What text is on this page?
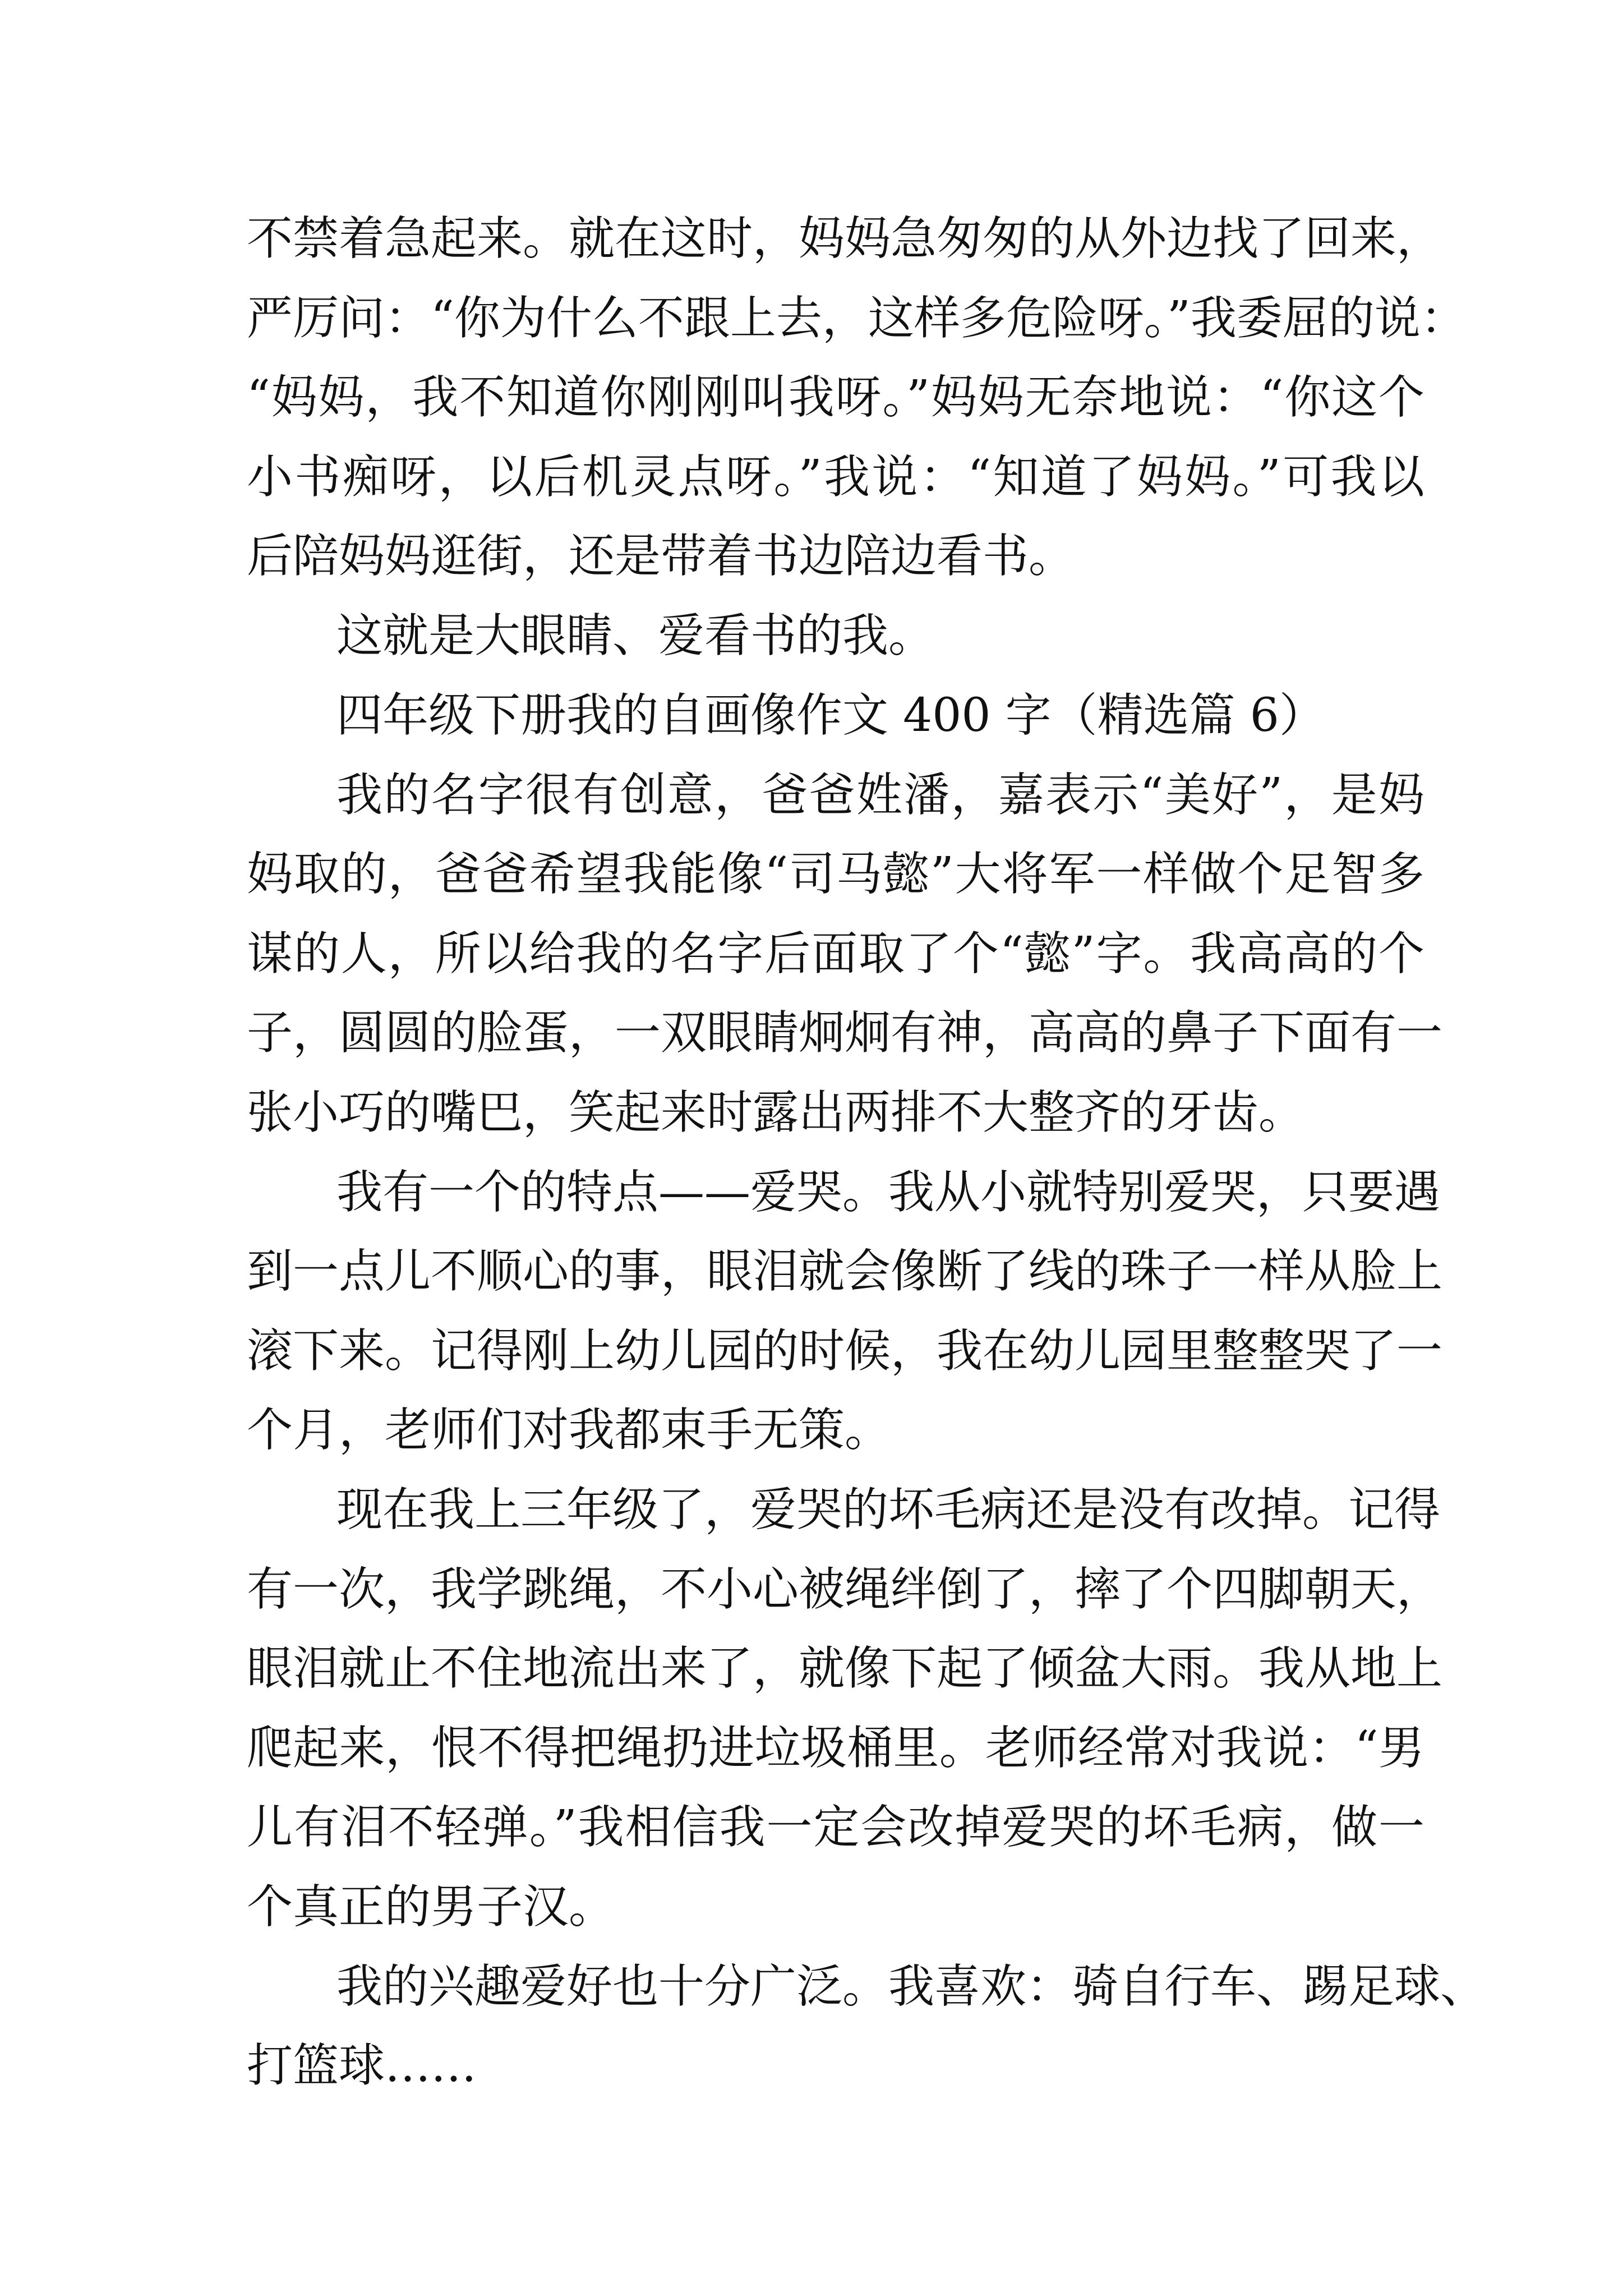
不禁着急起来。就在这时，妈妈急匆匆的从外边找了回来，
严厉问：“你为什么不跟上去，这样多危险呀。”我委屈的说：
“妈妈，我不知道你刚刚叫我呀。”妈妈无奈地说：“你这个
小书痴呀，以后机灵点呀。”我说：“知道了妈妈。”可我以
后陪妈妈逛街，还是带着书边陪边看书。
这就是大眼睛、爱看书的我。
四年级下册我的自画像作文 400 字（精选篇 6）
我的名字很有创意，爸爸姓潘，嘉表示“美好”，是妈
妈取的，爸爸希望我能像“司马懿”大将军一样做个足智多
谋的人，所以给我的名字后面取了个“懿”字。我高高的个
子，圆圆的脸蛋，一双眼睛炯炯有神，高高的鼻子下面有一
张小巧的嘴巴，笑起来时露出两排不大整齐的牙齿。
我有一个的特点——爱哭。我从小就特别爱哭，只要遇
到一点儿不顺心的事，眼泪就会像断了线的珠子一样从脸上
滚下来。记得刚上幼儿园的时候，我在幼儿园里整整哭了一
个月，老师们对我都束手无策。
现在我上三年级了，爱哭的坏毛病还是没有改掉。记得
有一次，我学跳绳，不小心被绳绊倒了，摔了个四脚朝天，
眼泪就止不住地流出来了，就像下起了倾盆大雨。我从地上
爬起来，恨不得把绳扔进垃圾桶里。老师经常对我说：“男
儿有泪不轻弹。”我相信我一定会改掉爱哭的坏毛病，做一
个真正的男子汉。
我的兴趣爱好也十分广泛。我喜欢：骑自行车、踢足球、
打篮球……
